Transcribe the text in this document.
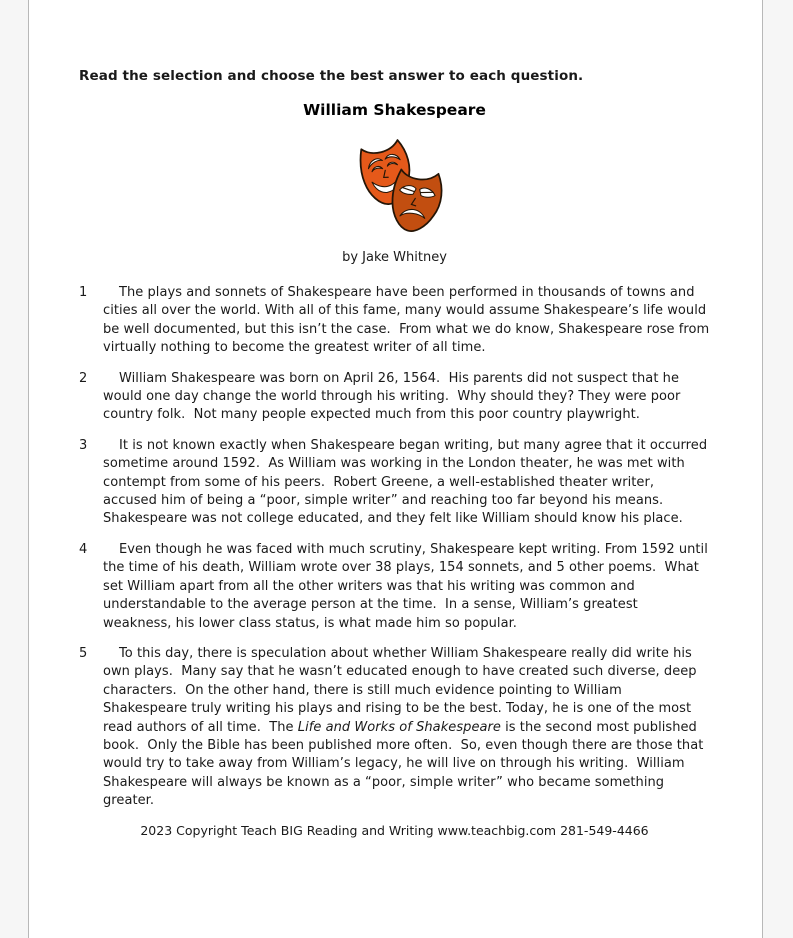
Read the selection and choose the best answer to each question.
William Shakespeare
by Jake Whitney
1	The plays and sonnets of Shakespeare have been performed in thousands of towns and cities all over the world. With all of this fame, many would assume Shakespeare’s life would be well documented, but this isn’t the case.  From what we do know, Shakespeare rose from virtually nothing to become the greatest writer of all time.
2	William Shakespeare was born on April 26, 1564.  His parents did not suspect that he would one day change the world through his writing.  Why should they? They were poor country folk.  Not many people expected much from this poor country playwright.
3	It is not known exactly when Shakespeare began writing, but many agree that it occurred sometime around 1592.  As William was working in the London theater, he was met with contempt from some of his peers.  Robert Greene, a well-established theater writer, accused him of being a “poor, simple writer” and reaching too far beyond his means.  Shakespeare was not college educated, and they felt like William should know his place.
4	Even though he was faced with much scrutiny, Shakespeare kept writing. From 1592 until the time of his death, William wrote over 38 plays, 154 sonnets, and 5 other poems.  What set William apart from all the other writers was that his writing was common and understandable to the average person at the time.  In a sense, William’s greatest weakness, his lower class status, is what made him so popular.
5	To this day, there is speculation about whether William Shakespeare really did write his own plays.  Many say that he wasn’t educated enough to have created such diverse, deep characters.  On the other hand, there is still much evidence pointing to William Shakespeare truly writing his plays and rising to be the best. Today, he is one of the most read authors of all time.  The Life and Works of Shakespeare is the second most published book.  Only the Bible has been published more often.  So, even though there are those that would try to take away from William’s legacy, he will live on through his writing.  William Shakespeare will always be known as a “poor, simple writer” who became something greater.
2023 Copyright Teach BIG Reading and Writing www.teachbig.com 281-549-4466
